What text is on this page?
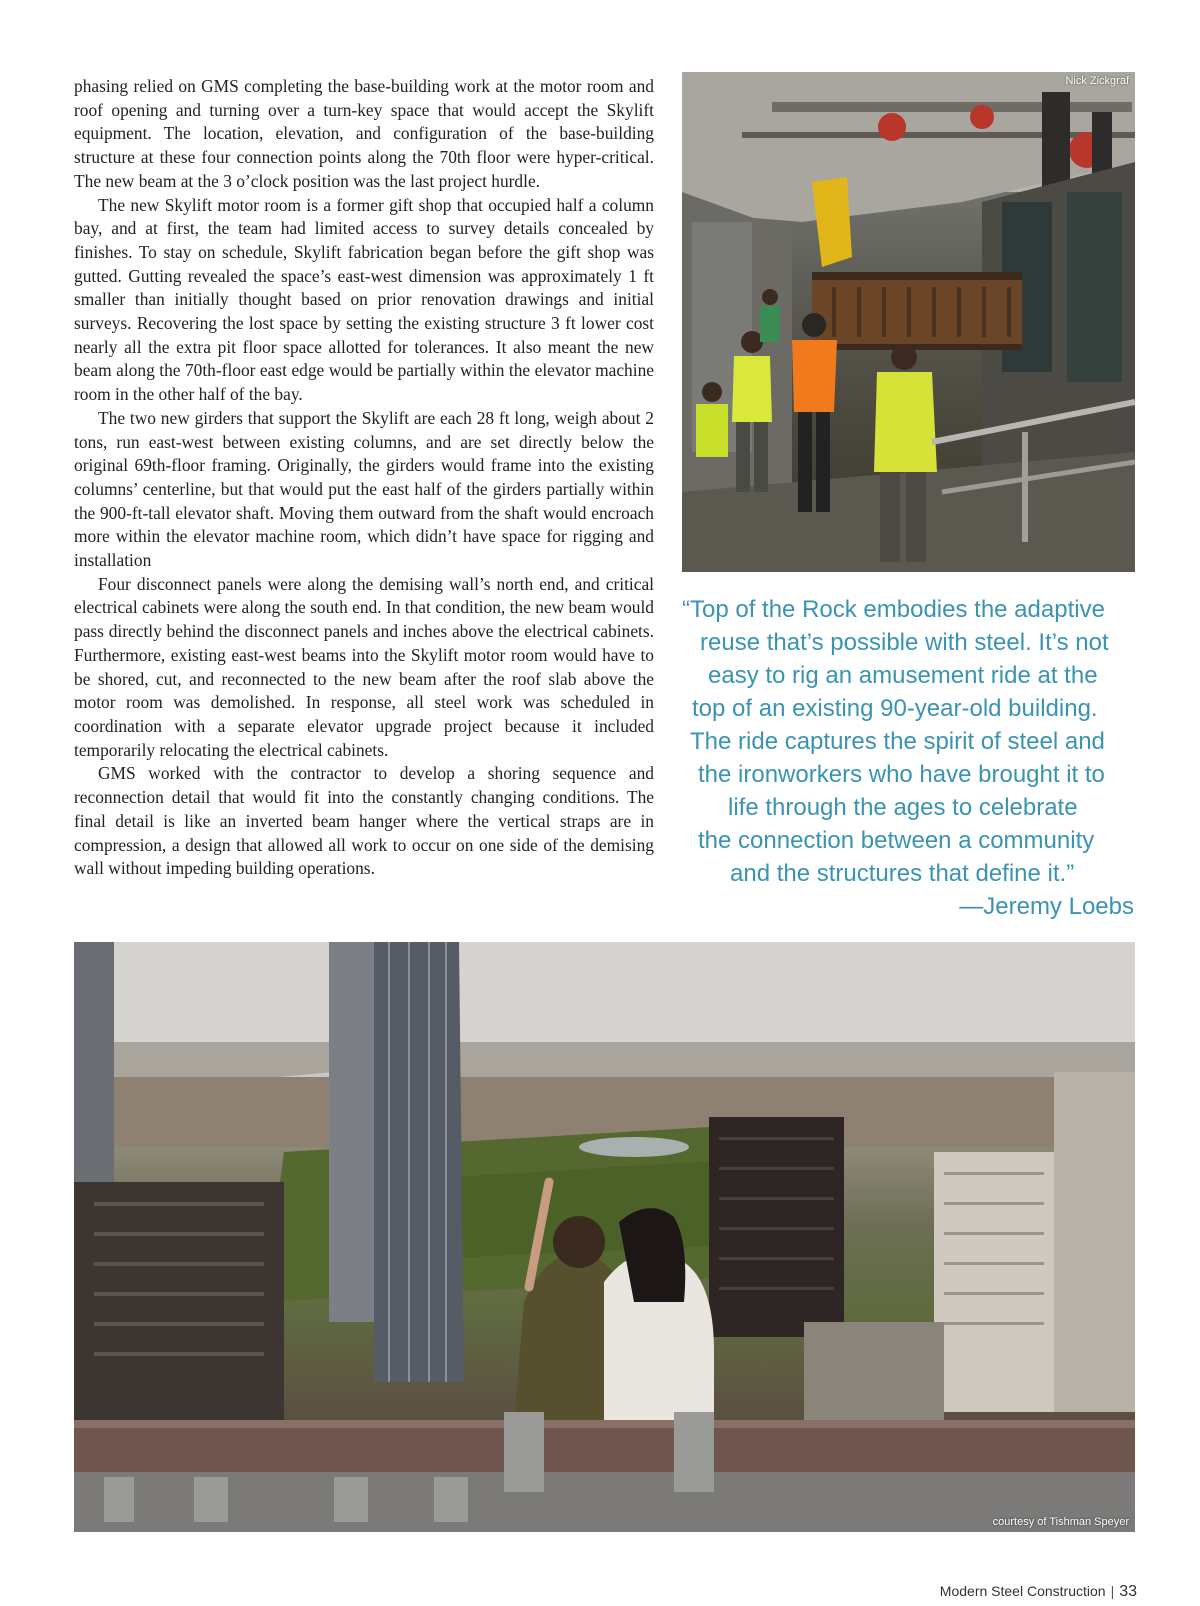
phasing relied on GMS completing the base-building work at the motor room and roof opening and turning over a turn-key space that would accept the Skylift equipment. The location, elevation, and configuration of the base-building structure at these four connection points along the 70th floor were hyper-critical. The new beam at the 3 o’clock position was the last project hurdle.

The new Skylift motor room is a former gift shop that occupied half a column bay, and at first, the team had limited access to survey details concealed by finishes. To stay on schedule, Skylift fabrication began before the gift shop was gutted. Gutting revealed the space’s east-west dimension was approximately 1 ft smaller than initially thought based on prior renovation drawings and initial surveys. Recovering the lost space by setting the existing structure 3 ft lower cost nearly all the extra pit floor space allotted for tolerances. It also meant the new beam along the 70th-floor east edge would be partially within the elevator machine room in the other half of the bay.

The two new girders that support the Skylift are each 28 ft long, weigh about 2 tons, run east-west between existing columns, and are set directly below the original 69th-floor framing. Originally, the girders would frame into the existing columns’ centerline, but that would put the east half of the girders partially within the 900-ft-tall elevator shaft. Moving them outward from the shaft would encroach more within the elevator machine room, which didn’t have space for rigging and installation

Four disconnect panels were along the demising wall’s north end, and critical electrical cabinets were along the south end. In that condition, the new beam would pass directly behind the disconnect panels and inches above the electrical cabinets. Furthermore, existing east-west beams into the Skylift motor room would have to be shored, cut, and reconnected to the new beam after the roof slab above the motor room was demolished. In response, all steel work was scheduled in coordination with a separate elevator upgrade project because it included temporarily relocating the electrical cabinets.

GMS worked with the contractor to develop a shoring sequence and reconnection detail that would fit into the constantly changing conditions. The final detail is like an inverted beam hanger where the vertical straps are in compression, a design that allowed all work to occur on one side of the demising wall without impeding building operations.

Nick Zickgraf
“Top of the Rock embodies the adaptive
reuse that’s possible with steel. It’s not
easy to rig an amusement ride at the
top of an existing 90-year-old building.
The ride captures the spirit of steel and
the ironworkers who have brought it to
life through the ages to celebrate
the connection between a community
and the structures that define it.”
—Jeremy Loebs
courtesy of Tishman Speyer
Modern Steel Construction | 33
